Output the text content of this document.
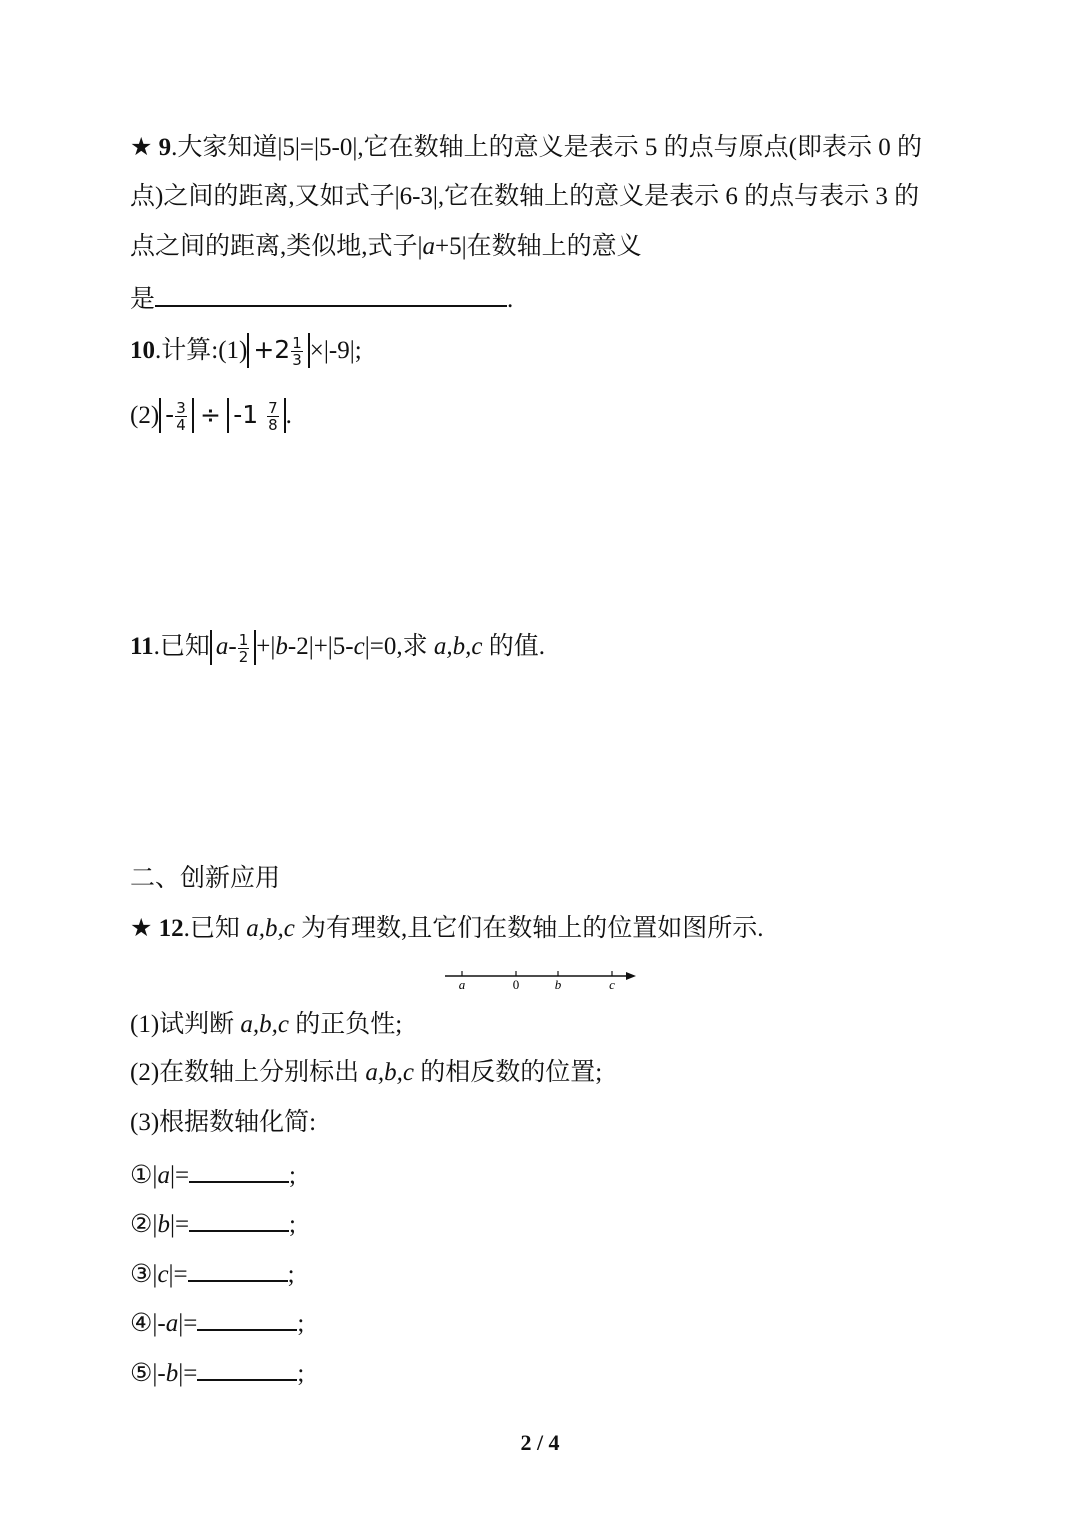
★ 9.大家知道|5|=|5-0|,它在数轴上的意义是表示 5 的点与原点(即表示 0 的
点)之间的距离,又如式子|6-3|,它在数轴上的意义是表示 6 的点与表示 3 的
点之间的距离,类似地,式子|a+5|在数轴上的意义
是	.
10.计算:(1) $+2 \frac{1}{3} \times|-9|$;
$(2) - \frac{3}{4} \div -1 \frac{7}{8}$ .
11.已知 $a- \frac{1}{2} +|b-2|+|5-c|=0$,求 a,b,c 的值.
二、创新应用
★ 12.已知 a,b,c 为有理数,且它们在数轴上的位置如图所示.
a	0	b	c
(1)试判断 a,b,c 的正负性;
(2)在数轴上分别标出 a,b,c 的相反数的位置;
(3)根据数轴化简:
①|a|=	;
②|b|=	;
③|c|=	;
④|-a|=	;
⑤|-b|=	;
2 / 4
